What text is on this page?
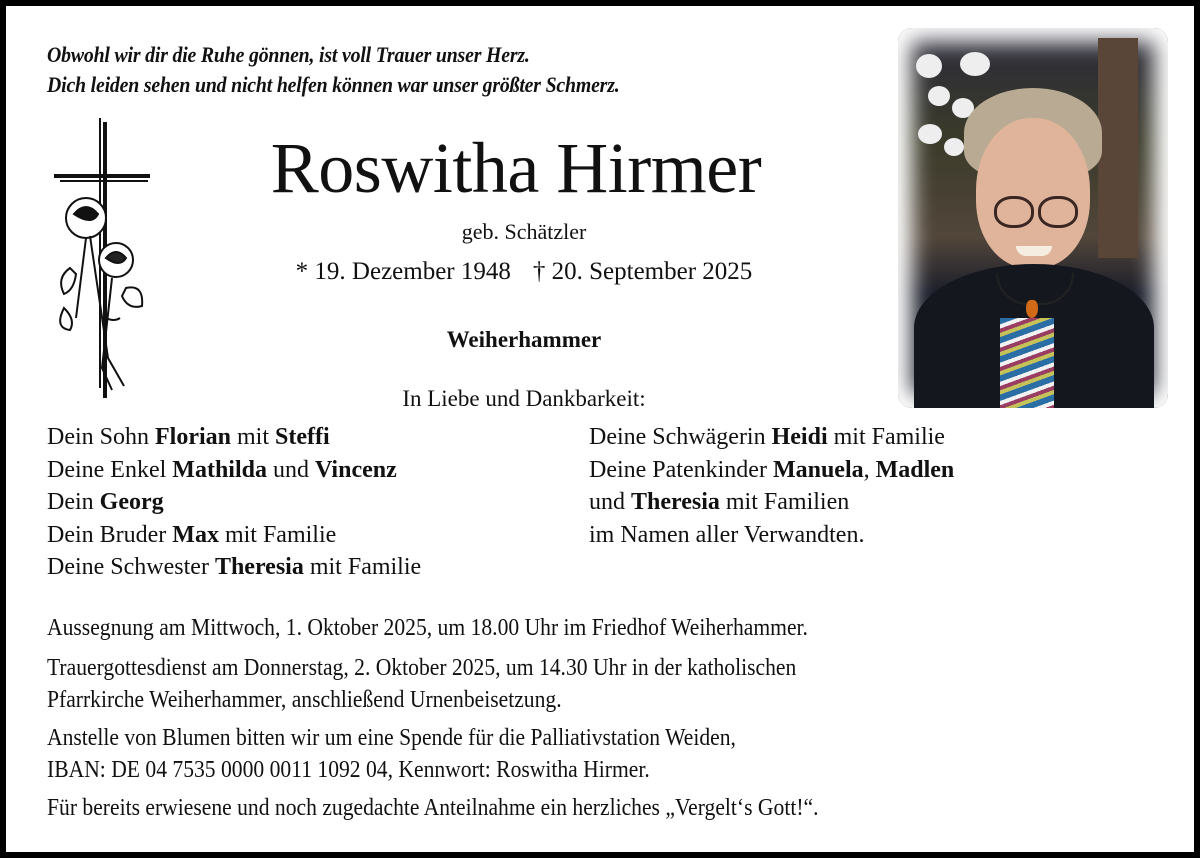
Obwohl wir dir die Ruhe gönnen, ist voll Trauer unser Herz.
Dich leiden sehen und nicht helfen können war unser größter Schmerz.
Roswitha Hirmer
geb. Schätzler
* 19. Dezember 1948 † 20. September 2025
Weiherhammer
In Liebe und Dankbarkeit:
Dein Sohn Florian mit Steffi
Deine Enkel Mathilda und Vincenz
Dein Georg
Dein Bruder Max mit Familie
Deine Schwester Theresia mit Familie
Deine Schwägerin Heidi mit Familie
Deine Patenkinder Manuela, Madlen
und Theresia mit Familien
im Namen aller Verwandten.
Aussegnung am Mittwoch, 1. Oktober 2025, um 18.00 Uhr im Friedhof Weiherhammer.
Trauergottesdienst am Donnerstag, 2. Oktober 2025, um 14.30 Uhr in der katholischen
Pfarrkirche Weiherhammer, anschließend Urnenbeisetzung.
Anstelle von Blumen bitten wir um eine Spende für die Palliativstation Weiden,
IBAN: DE 04 7535 0000 0011 1092 04, Kennwort: Roswitha Hirmer.
Für bereits erwiesene und noch zugedachte Anteilnahme ein herzliches „Vergelt‘s Gott!“.
